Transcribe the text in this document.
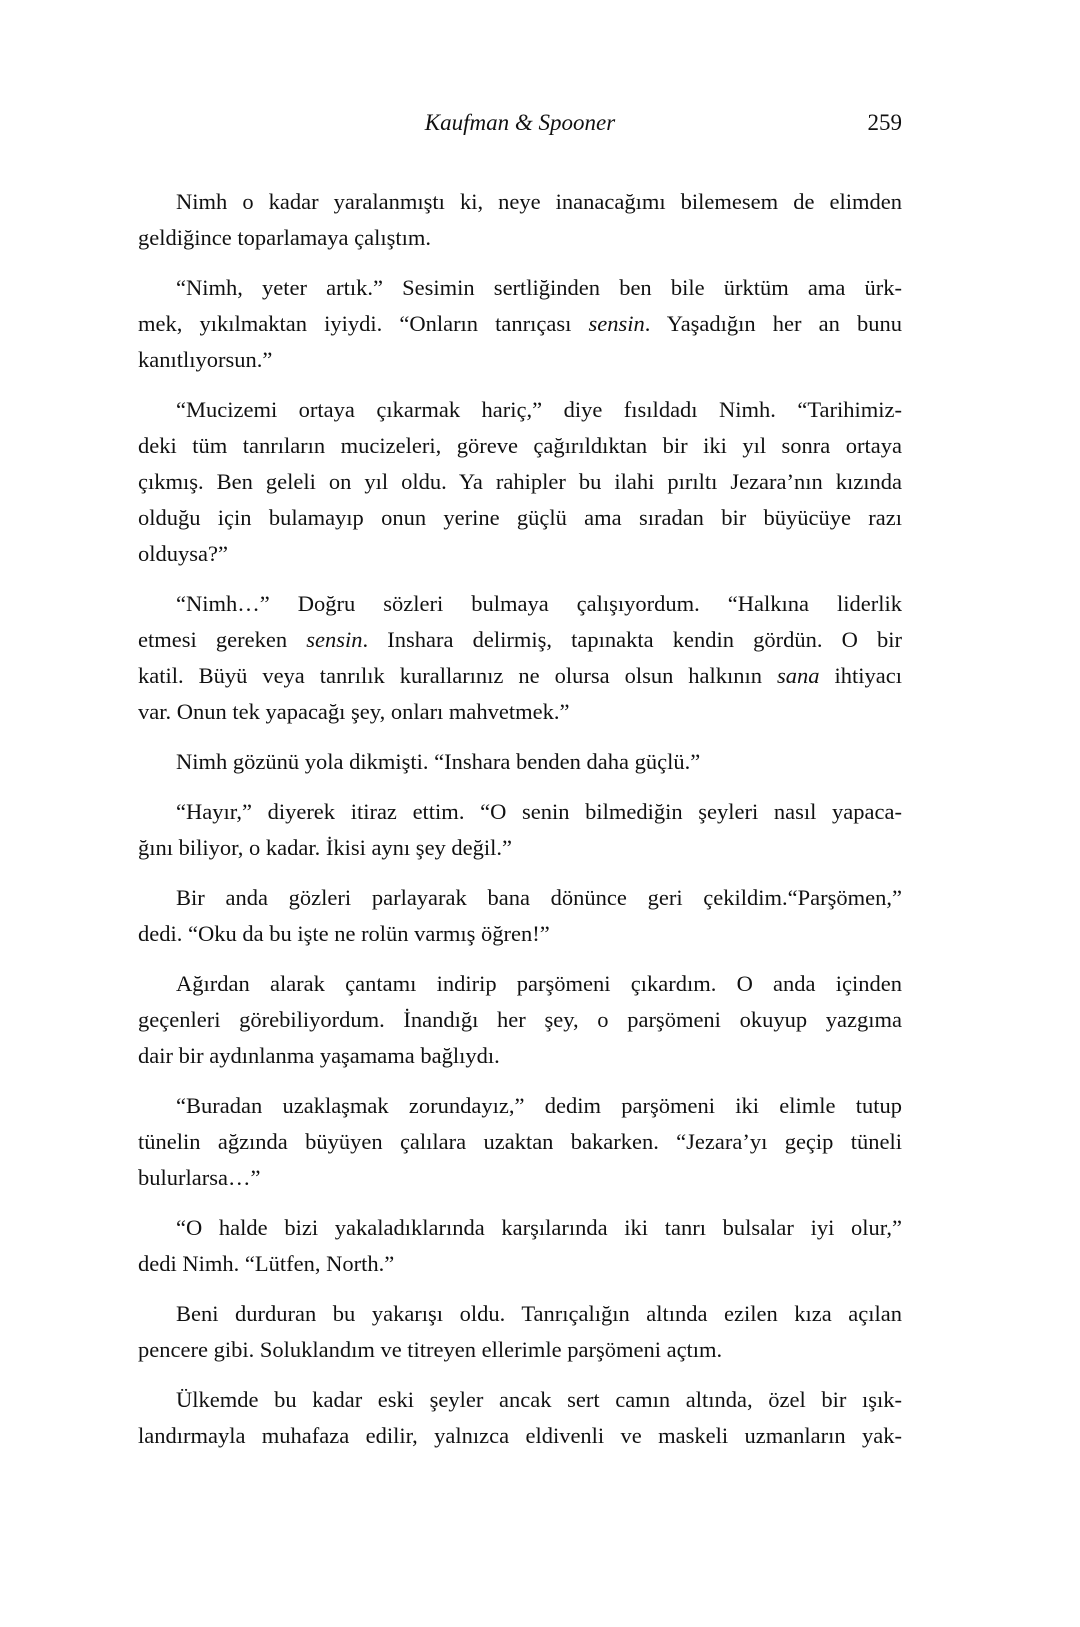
Kaufman & Spooner	259
Nimh o kadar yaralanmıştı ki, neye inanacağımı bilemesem de elimden
geldiğince toparlamaya çalıştım.
“Nimh, yeter artık.” Sesimin sertliğinden ben bile ürktüm ama ürk-
mek, yıkılmaktan iyiydi. “Onların tanrıçası sensin. Yaşadığın her an bunu
kanıtlıyorsun.”
“Mucizemi ortaya çıkarmak hariç,” diye fısıldadı Nimh. “Tarihimiz-
deki tüm tanrıların mucizeleri, göreve çağırıldıktan bir iki yıl sonra ortaya
çıkmış. Ben geleli on yıl oldu. Ya rahipler bu ilahi pırıltı Jezara’nın kızında
olduğu için bulamayıp onun yerine güçlü ama sıradan bir büyücüye razı
olduysa?”
“Nimh…” Doğru sözleri bulmaya çalışıyordum. “Halkına liderlik
etmesi gereken sensin. Inshara delirmiş, tapınakta kendin gördün. O bir
katil. Büyü veya tanrılık kurallarınız ne olursa olsun halkının sana ihtiyacı
var. Onun tek yapacağı şey, onları mahvetmek.”
Nimh gözünü yola dikmişti. “Inshara benden daha güçlü.”
“Hayır,” diyerek itiraz ettim. “O senin bilmediğin şeyleri nasıl yapaca-
ğını biliyor, o kadar. İkisi aynı şey değil.”
Bir anda gözleri parlayarak bana dönünce geri çekildim.“Parşömen,”
dedi. “Oku da bu işte ne rolün varmış öğren!”
Ağırdan alarak çantamı indirip parşömeni çıkardım. O anda içinden
geçenleri görebiliyordum. İnandığı her şey, o parşömeni okuyup yazgıma
dair bir aydınlanma yaşamama bağlıydı.
“Buradan uzaklaşmak zorundayız,” dedim parşömeni iki elimle tutup
tünelin ağzında büyüyen çalılara uzaktan bakarken. “Jezara’yı geçip tüneli
bulurlarsa…”
“O halde bizi yakaladıklarında karşılarında iki tanrı bulsalar iyi olur,”
dedi Nimh. “Lütfen, North.”
Beni durduran bu yakarışı oldu. Tanrıçalığın altında ezilen kıza açılan
pencere gibi. Soluklandım ve titreyen ellerimle parşömeni açtım.
Ülkemde bu kadar eski şeyler ancak sert camın altında, özel bir ışık-
landırmayla muhafaza edilir, yalnızca eldivenli ve maskeli uzmanların yak-
